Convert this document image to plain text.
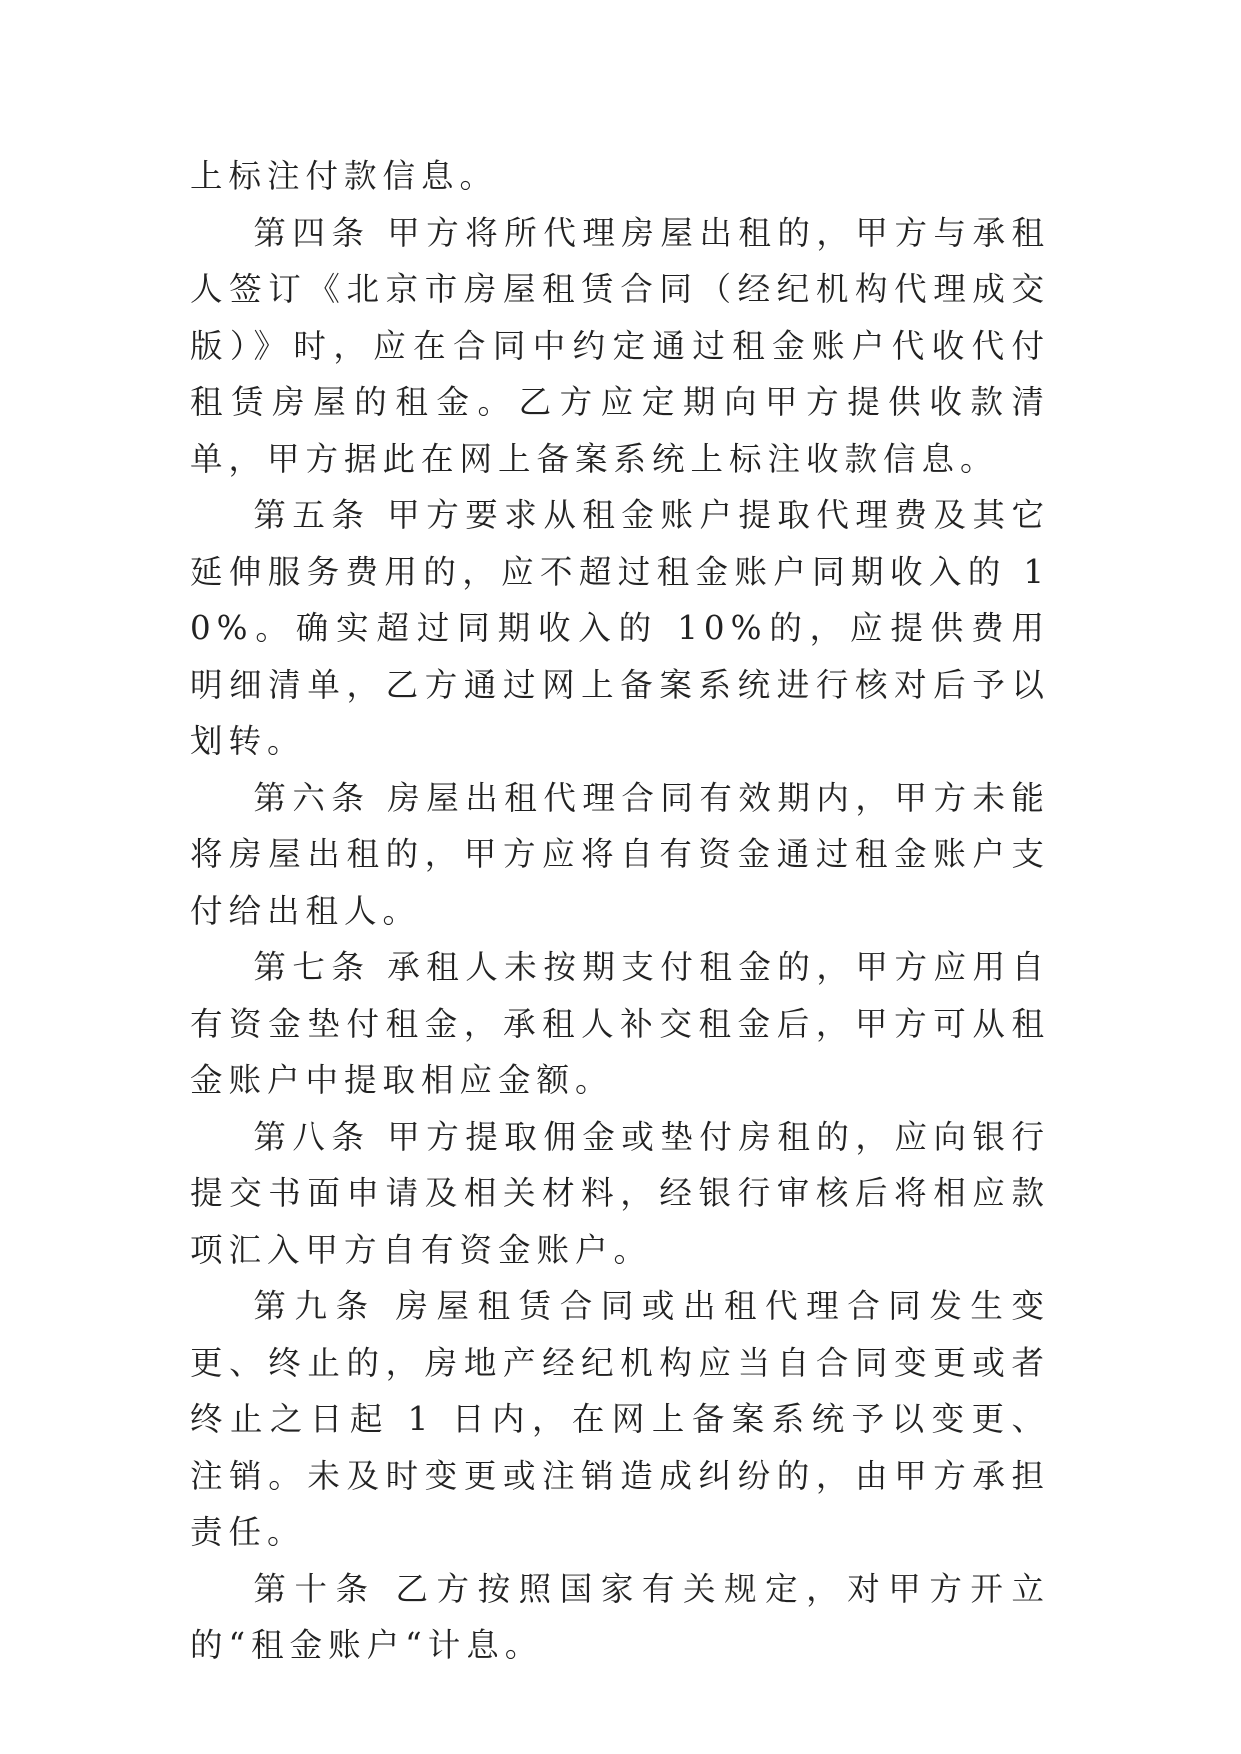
上标注付款信息。

第四条 甲方将所代理房屋出租的，甲方与承租人签订《北京市房屋租赁合同（经纪机构代理成交版）》时，应在合同中约定通过租金账户代收代付租赁房屋的租金。乙方应定期向甲方提供收款清单，甲方据此在网上备案系统上标注收款信息。

第五条 甲方要求从租金账户提取代理费及其它延伸服务费用的，应不超过租金账户同期收入的 10%。确实超过同期收入的 10%的，应提供费用明细清单，乙方通过网上备案系统进行核对后予以划转。

第六条 房屋出租代理合同有效期内，甲方未能将房屋出租的，甲方应将自有资金通过租金账户支付给出租人。

第七条 承租人未按期支付租金的，甲方应用自有资金垫付租金，承租人补交租金后，甲方可从租金账户中提取相应金额。

第八条 甲方提取佣金或垫付房租的，应向银行提交书面申请及相关材料，经银行审核后将相应款项汇入甲方自有资金账户。

第九条 房屋租赁合同或出租代理合同发生变更、终止的，房地产经纪机构应当自合同变更或者终止之日起 1 日内，在网上备案系统予以变更、注销。未及时变更或注销造成纠纷的，由甲方承担责任。

第十条 乙方按照国家有关规定，对甲方开立的“租金账户“计息。
